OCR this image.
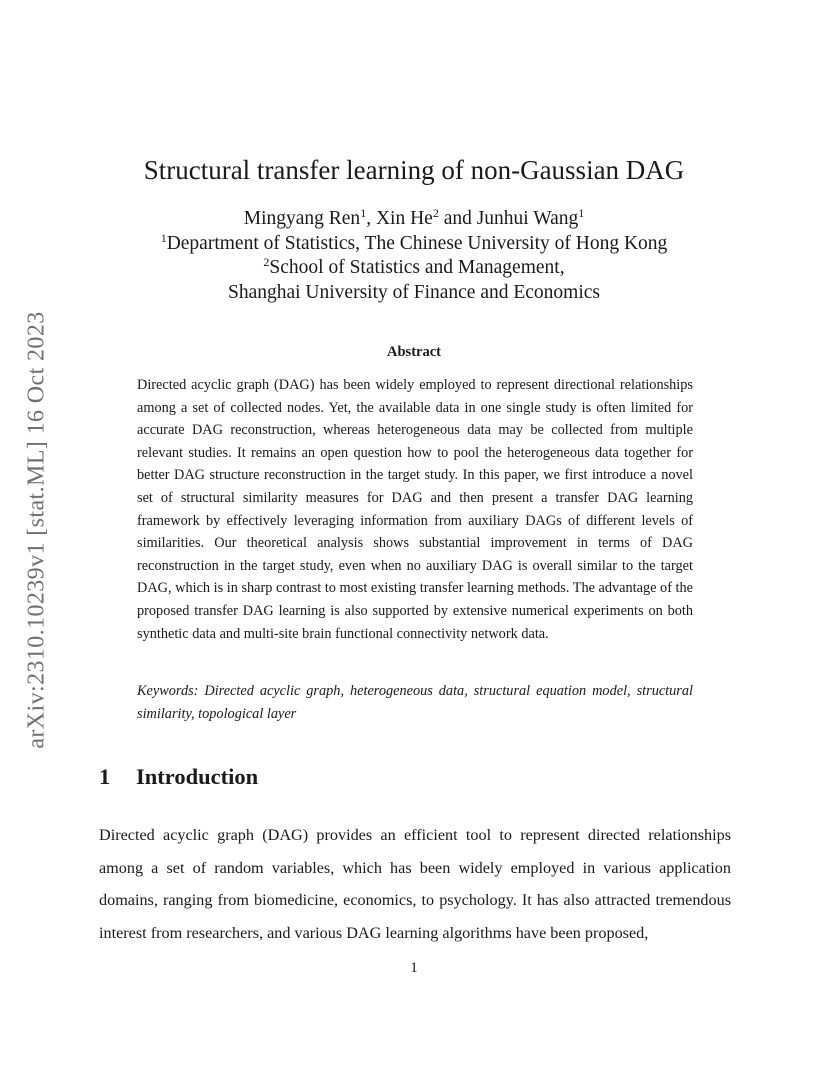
arXiv:2310.10239v1 [stat.ML] 16 Oct 2023
Structural transfer learning of non-Gaussian DAG
Mingyang Ren$^1$, Xin He$^2$ and Junhui Wang$^1$
$^1$Department of Statistics, The Chinese University of Hong Kong
$^2$School of Statistics and Management,
Shanghai University of Finance and Economics
Abstract

Directed acyclic graph (DAG) has been widely employed to represent directional relationships among a set of collected nodes. Yet, the available data in one single study is often limited for accurate DAG reconstruction, whereas heterogeneous data may be collected from multiple relevant studies. It remains an open question how to pool the heterogeneous data together for better DAG structure reconstruction in the target study. In this paper, we first introduce a novel set of structural similarity measures for DAG and then present a transfer DAG learning framework by effectively leveraging information from auxiliary DAGs of different levels of similarities. Our theoretical analysis shows substantial improvement in terms of DAG reconstruction in the target study, even when no auxiliary DAG is overall similar to the target DAG, which is in sharp contrast to most existing transfer learning methods. The advantage of the proposed transfer DAG learning is also supported by extensive numerical experiments on both synthetic data and multi-site brain functional connectivity network data.

Keywords: Directed acyclic graph, heterogeneous data, structural equation model, structural similarity, topological layer

1 Introduction

Directed acyclic graph (DAG) provides an efficient tool to represent directed relationships among a set of random variables, which has been widely employed in various application domains, ranging from biomedicine, economics, to psychology. It has also attracted tremendous interest from researchers, and various DAG learning algorithms have been proposed,

1
